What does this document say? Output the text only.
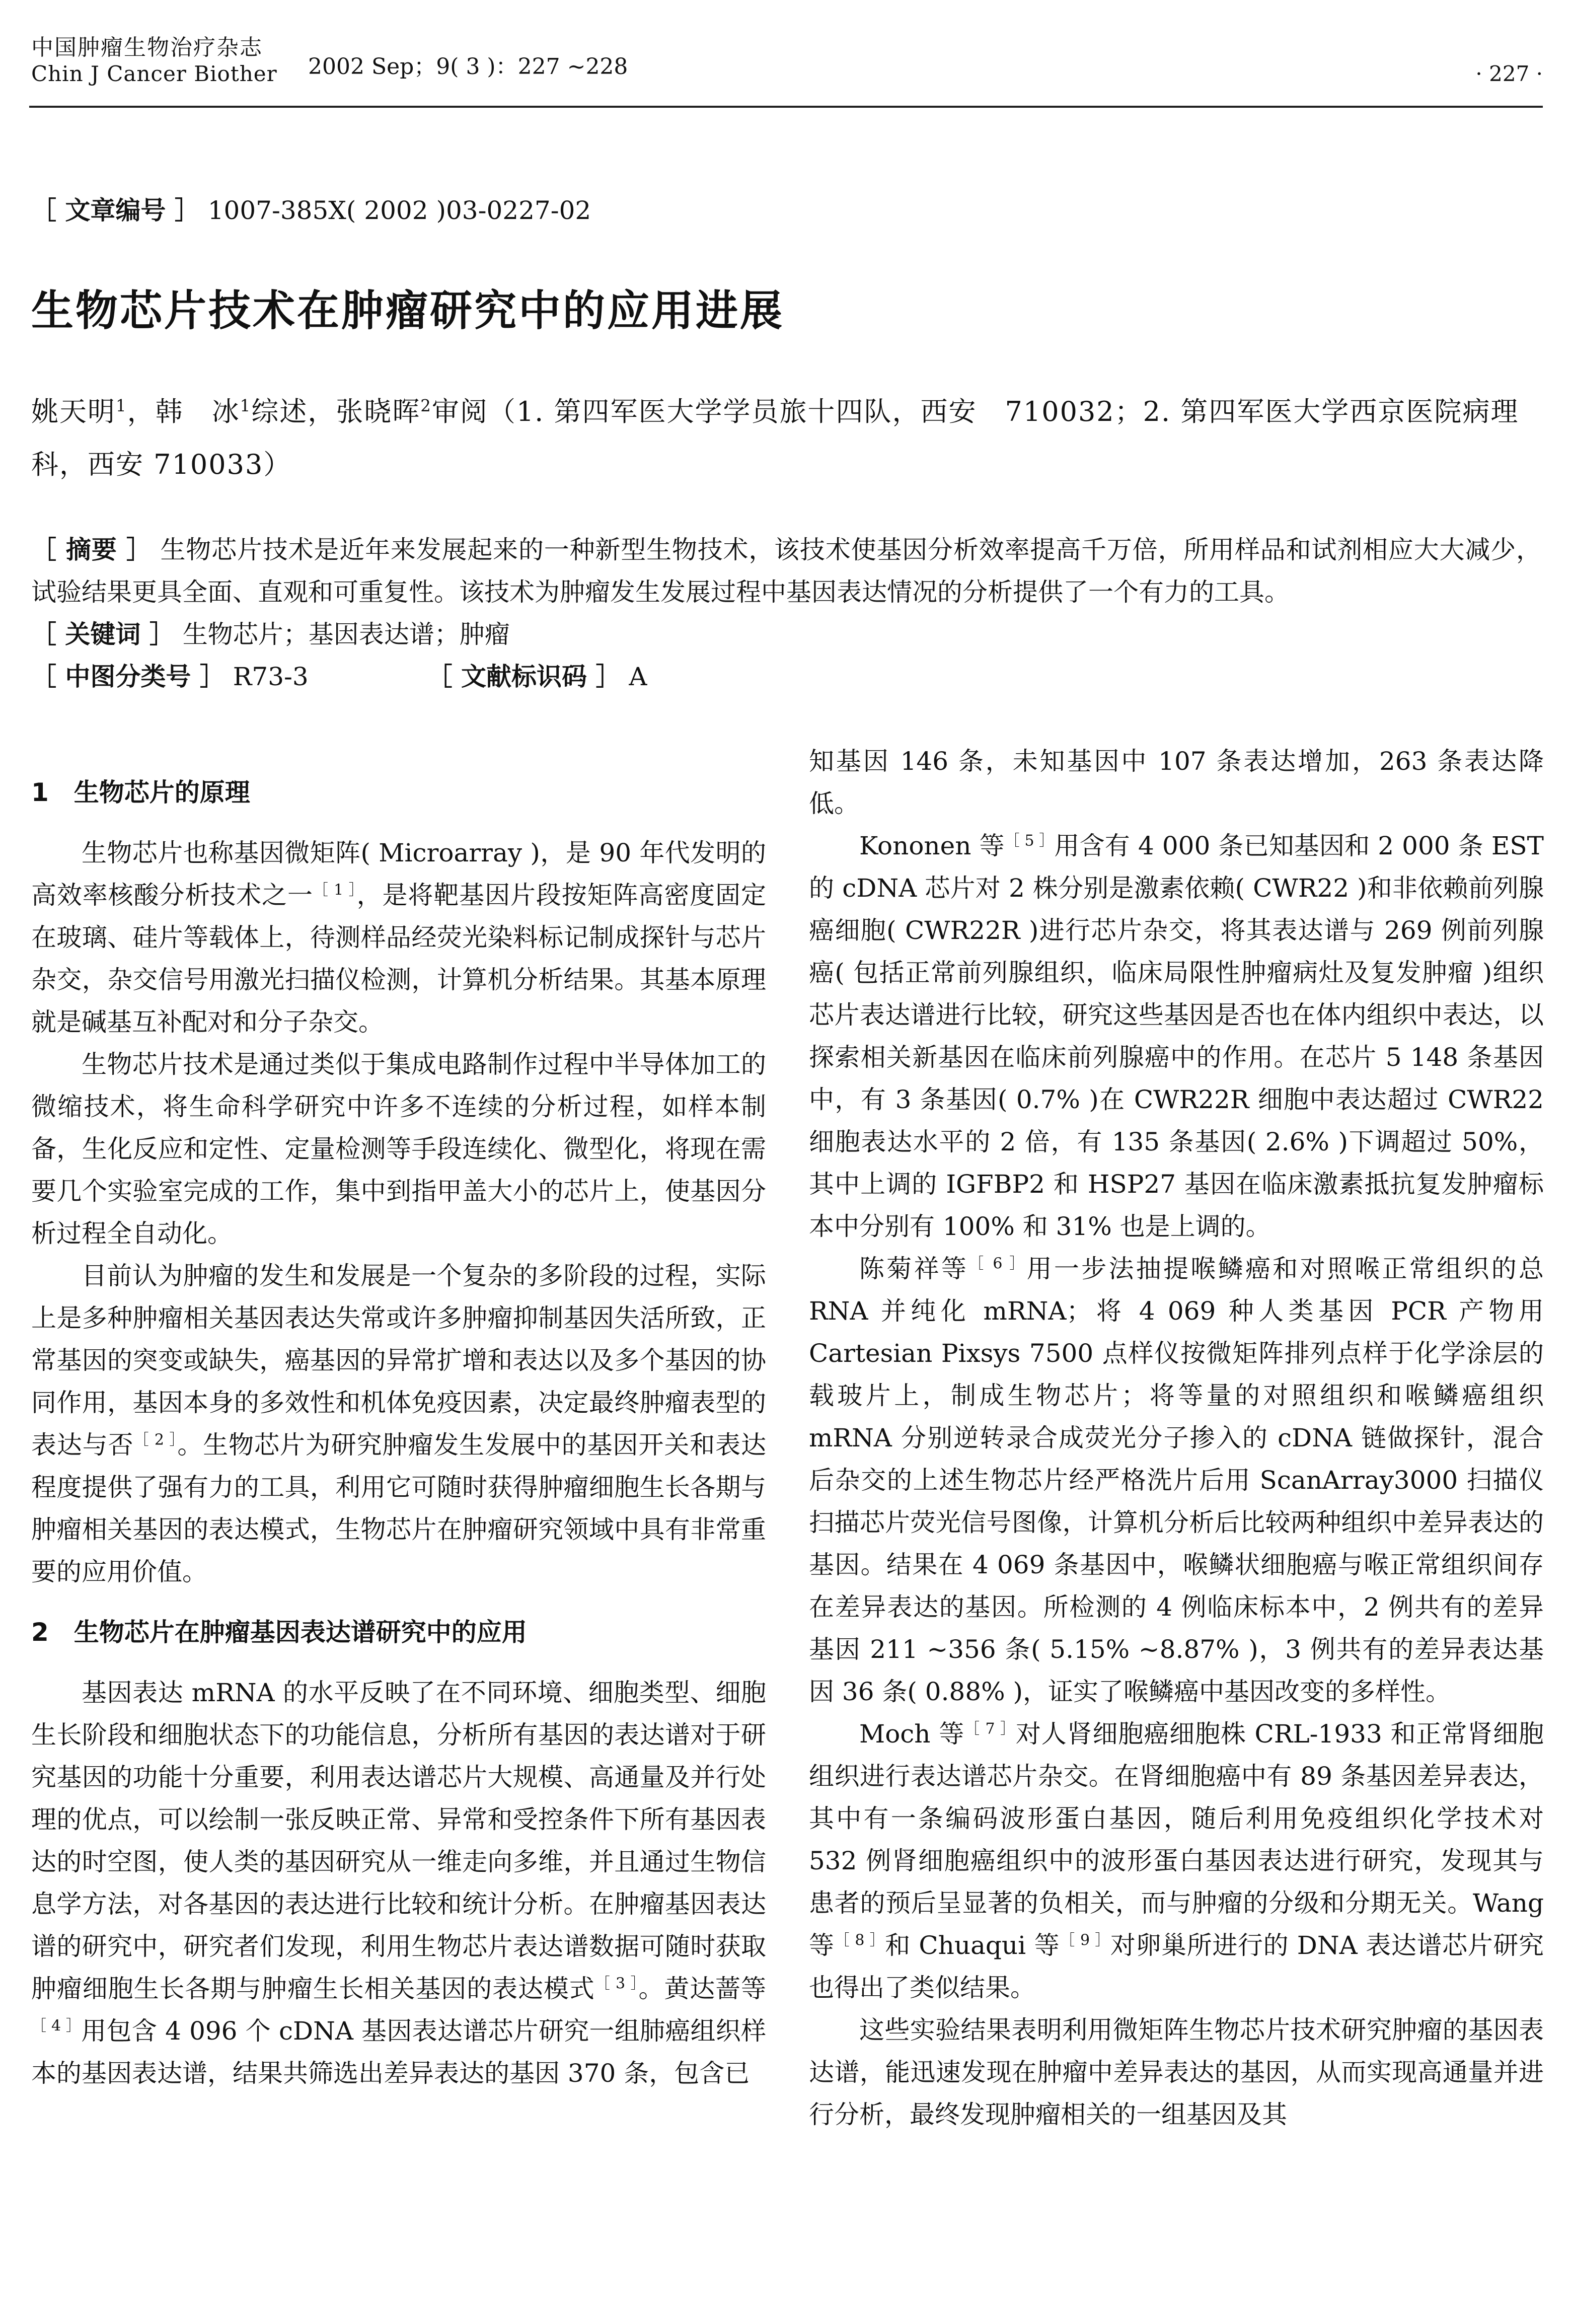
中国肿瘤生物治疗杂志
Chin J Cancer Biother 2002 Sep；9( 3 )：227 ~228	· 227 ·
［ 文章编号 ］ 1007-385X( 2002 )03-0227-02
生物芯片技术在肿瘤研究中的应用进展
姚天明$^1$，韩　冰$^1$综述，张晓晖$^2$审阅（1. 第四军医大学学员旅十四队，西安　710032；2. 第四军医大学西京医院病理科，西安 710033）
［ 摘要 ］ 生物芯片技术是近年来发展起来的一种新型生物技术，该技术使基因分析效率提高千万倍，所用样品和试剂相应大大减少，试验结果更具全面、直观和可重复性。该技术为肿瘤发生发展过程中基因表达情况的分析提供了一个有力的工具。
［ 关键词 ］ 生物芯片；基因表达谱；肿瘤
［ 中图分类号 ］ R73-3	［ 文献标识码 ］ A
1　生物芯片的原理

生物芯片也称基因微矩阵( Microarray )，是 90 年代发明的高效率核酸分析技术之一$^{[ 1 ]}$，是将靶基因片段按矩阵高密度固定在玻璃、硅片等载体上，待测样品经荧光染料标记制成探针与芯片杂交，杂交信号用激光扫描仪检测，计算机分析结果。其基本原理就是碱基互补配对和分子杂交。

生物芯片技术是通过类似于集成电路制作过程中半导体加工的微缩技术，将生命科学研究中许多不连续的分析过程，如样本制备，生化反应和定性、定量检测等手段连续化、微型化，将现在需要几个实验室完成的工作，集中到指甲盖大小的芯片上，使基因分析过程全自动化。

目前认为肿瘤的发生和发展是一个复杂的多阶段的过程，实际上是多种肿瘤相关基因表达失常或许多肿瘤抑制基因失活所致，正常基因的突变或缺失，癌基因的异常扩增和表达以及多个基因的协同作用，基因本身的多效性和机体免疫因素，决定最终肿瘤表型的表达与否$^{[ 2 ]}$。生物芯片为研究肿瘤发生发展中的基因开关和表达程度提供了强有力的工具，利用它可随时获得肿瘤细胞生长各期与肿瘤相关基因的表达模式，生物芯片在肿瘤研究领域中具有非常重要的应用价值。

2　生物芯片在肿瘤基因表达谱研究中的应用

基因表达 mRNA 的水平反映了在不同环境、细胞类型、细胞生长阶段和细胞状态下的功能信息，分析所有基因的表达谱对于研究基因的功能十分重要，利用表达谱芯片大规模、高通量及并行处理的优点，可以绘制一张反映正常、异常和受控条件下所有基因表达的时空图，使人类的基因研究从一维走向多维，并且通过生物信息学方法，对各基因的表达进行比较和统计分析。在肿瘤基因表达谱的研究中，研究者们发现，利用生物芯片表达谱数据可随时获取肿瘤细胞生长各期与肿瘤生长相关基因的表达模式$^{[ 3 ]}$。黄达蔷等$^{[ 4 ]}$用包含 4 096 个 cDNA 基因表达谱芯片研究一组肺癌组织样本的基因表达谱，结果共筛选出差异表达的基因 370 条，包含已

知基因 146 条，未知基因中 107 条表达增加，263 条表达降低。

Kononen 等$^{[ 5 ]}$用含有 4 000 条已知基因和 2 000 条 EST 的 cDNA 芯片对 2 株分别是激素依赖( CWR22 )和非依赖前列腺癌细胞( CWR22R )进行芯片杂交，将其表达谱与 269 例前列腺癌( 包括正常前列腺组织，临床局限性肿瘤病灶及复发肿瘤 )组织芯片表达谱进行比较，研究这些基因是否也在体内组织中表达，以探索相关新基因在临床前列腺癌中的作用。在芯片 5 148 条基因中，有 3 条基因( 0.7% )在 CWR22R 细胞中表达超过 CWR22 细胞表达水平的 2 倍，有 135 条基因( 2.6% )下调超过 50%，其中上调的 IGFBP2 和 HSP27 基因在临床激素抵抗复发肿瘤标本中分别有 100% 和 31% 也是上调的。

陈菊祥等$^{[ 6 ]}$用一步法抽提喉鳞癌和对照喉正常组织的总 RNA 并纯化 mRNA；将 4 069 种人类基因 PCR 产物用 Cartesian Pixsys 7500 点样仪按微矩阵排列点样于化学涂层的载玻片上，制成生物芯片；将等量的对照组织和喉鳞癌组织 mRNA 分别逆转录合成荧光分子掺入的 cDNA 链做探针，混合后杂交的上述生物芯片经严格洗片后用 ScanArray3000 扫描仪扫描芯片荧光信号图像，计算机分析后比较两种组织中差异表达的基因。结果在 4 069 条基因中，喉鳞状细胞癌与喉正常组织间存在差异表达的基因。所检测的 4 例临床标本中，2 例共有的差异基因 211 ~356 条( 5.15% ~8.87% )，3 例共有的差异表达基因 36 条( 0.88% )，证实了喉鳞癌中基因改变的多样性。

Moch 等$^{[ 7 ]}$对人肾细胞癌细胞株 CRL-1933 和正常肾细胞组织进行表达谱芯片杂交。在肾细胞癌中有 89 条基因差异表达，其中有一条编码波形蛋白基因，随后利用免疫组织化学技术对 532 例肾细胞癌组织中的波形蛋白基因表达进行研究，发现其与患者的预后呈显著的负相关，而与肿瘤的分级和分期无关。Wang 等$^{[ 8 ]}$和 Chuaqui 等$^{[ 9 ]}$对卵巢所进行的 DNA 表达谱芯片研究也得出了类似结果。

这些实验结果表明利用微矩阵生物芯片技术研究肿瘤的基因表达谱，能迅速发现在肿瘤中差异表达的基因，从而实现高通量并进行分析，最终发现肿瘤相关的一组基因及其
